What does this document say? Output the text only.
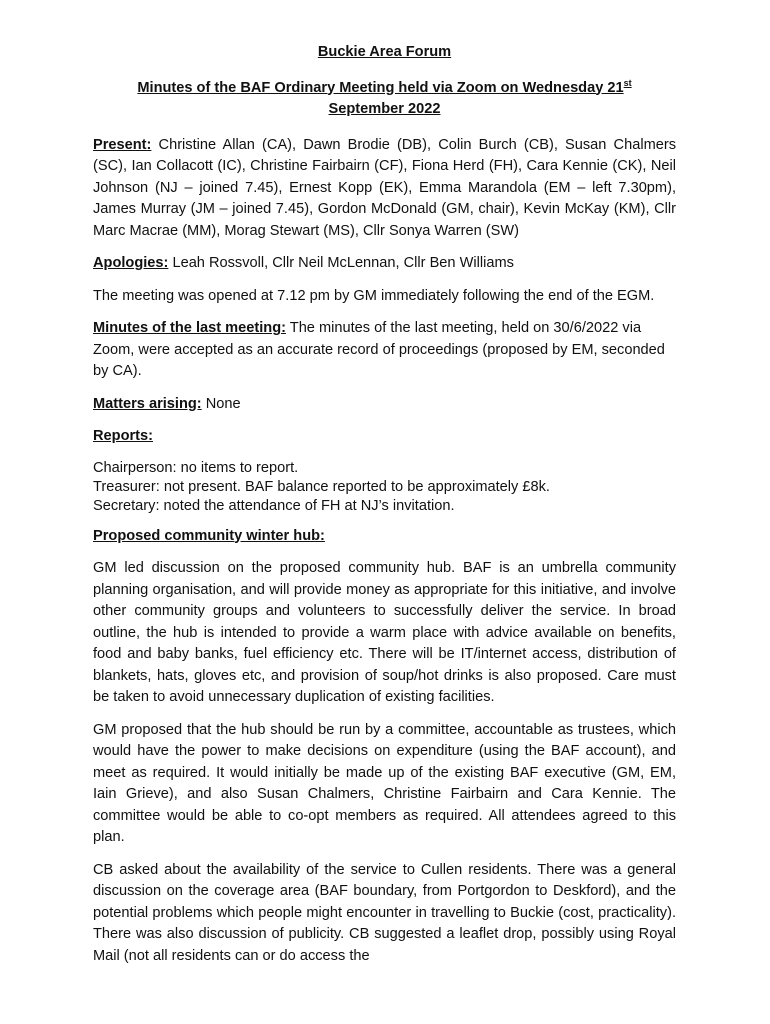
Buckie Area Forum
Minutes of the BAF Ordinary Meeting held via Zoom on Wednesday 21st
September 2022

Present: Christine Allan (CA), Dawn Brodie (DB), Colin Burch (CB), Susan Chalmers (SC), Ian Collacott (IC), Christine Fairbairn (CF), Fiona Herd (FH), Cara Kennie (CK), Neil Johnson (NJ – joined 7.45), Ernest Kopp (EK), Emma Marandola (EM – left 7.30pm), James Murray (JM – joined 7.45), Gordon McDonald (GM, chair), Kevin McKay (KM), Cllr Marc Macrae (MM), Morag Stewart (MS), Cllr Sonya Warren (SW)

Apologies: Leah Rossvoll, Cllr Neil McLennan, Cllr Ben Williams

The meeting was opened at 7.12 pm by GM immediately following the end of the EGM.

Minutes of the last meeting: The minutes of the last meeting, held on 30/6/2022 via Zoom, were accepted as an accurate record of proceedings (proposed by EM, seconded by CA).

Matters arising: None

Reports:

Chairperson: no items to report.
Treasurer: not present. BAF balance reported to be approximately £8k.
Secretary: noted the attendance of FH at NJ’s invitation.

Proposed community winter hub:

GM led discussion on the proposed community hub. BAF is an umbrella community planning organisation, and will provide money as appropriate for this initiative, and involve other community groups and volunteers to successfully deliver the service. In broad outline, the hub is intended to provide a warm place with advice available on benefits, food and baby banks, fuel efficiency etc. There will be IT/internet access, distribution of blankets, hats, gloves etc, and provision of soup/hot drinks is also proposed. Care must be taken to avoid unnecessary duplication of existing facilities.

GM proposed that the hub should be run by a committee, accountable as trustees, which would have the power to make decisions on expenditure (using the BAF account), and meet as required. It would initially be made up of the existing BAF executive (GM, EM, Iain Grieve), and also Susan Chalmers, Christine Fairbairn and Cara Kennie. The committee would be able to co-opt members as required. All attendees agreed to this plan.

CB asked about the availability of the service to Cullen residents. There was a general discussion on the coverage area (BAF boundary, from Portgordon to Deskford), and the potential problems which people might encounter in travelling to Buckie (cost, practicality). There was also discussion of publicity. CB suggested a leaflet drop, possibly using Royal Mail (not all residents can or do access the
